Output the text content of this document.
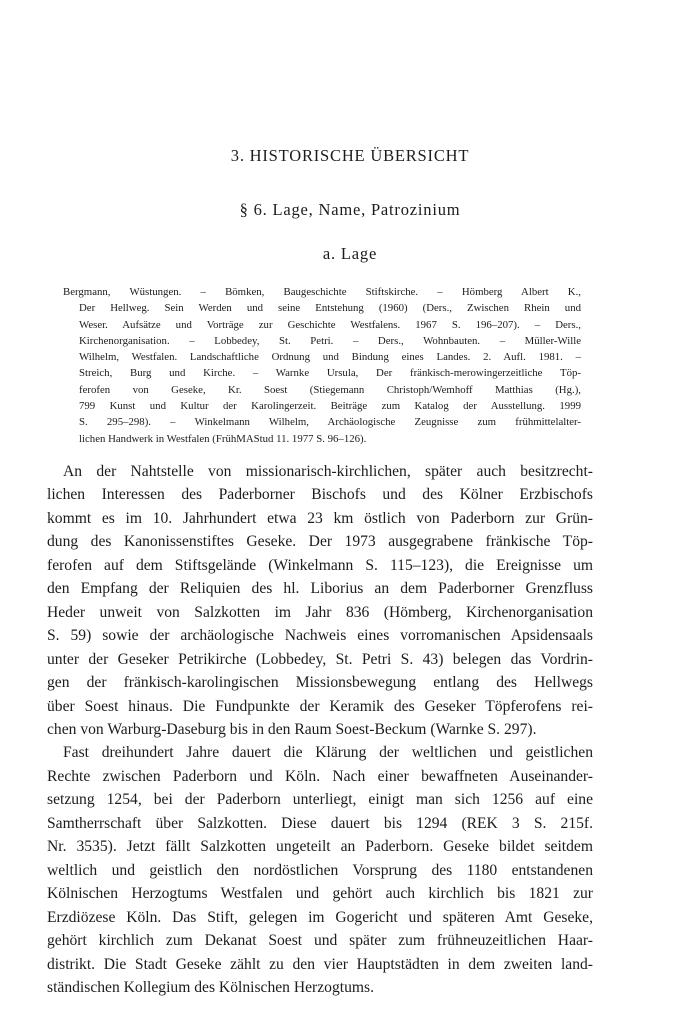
3. HISTORISCHE ÜBERSICHT
§ 6. Lage, Name, Patrozinium
a. Lage
Bergmann, Wüstungen. – Bömken, Baugeschichte Stiftskirche. – Hömberg Albert K.,
Der Hellweg. Sein Werden und seine Entstehung (1960) (Ders., Zwischen Rhein und
Weser. Aufsätze und Vorträge zur Geschichte Westfalens. 1967 S. 196–207). – Ders.,
Kirchenorganisation. – Lobbedey, St. Petri. – Ders., Wohnbauten. – Müller-Wille
Wilhelm, Westfalen. Landschaftliche Ordnung und Bindung eines Landes. 2. Aufl. 1981. –
Streich, Burg und Kirche. – Warnke Ursula, Der fränkisch-merowingerzeitliche Töp-
ferofen von Geseke, Kr. Soest (Stiegemann Christoph/Wemhoff Matthias (Hg.),
799 Kunst und Kultur der Karolingerzeit. Beiträge zum Katalog der Ausstellung. 1999
S. 295–298). – Winkelmann Wilhelm, Archäologische Zeugnisse zum frühmittelalter-
lichen Handwerk in Westfalen (FrühMAStud 11. 1977 S. 96–126).
An der Nahtstelle von missionarisch-kirchlichen, später auch besitzrecht-
lichen Interessen des Paderborner Bischofs und des Kölner Erzbischofs
kommt es im 10. Jahrhundert etwa 23 km östlich von Paderborn zur Grün-
dung des Kanonissenstiftes Geseke. Der 1973 ausgegrabene fränkische Töp-
ferofen auf dem Stiftsgelände (Winkelmann S. 115–123), die Ereignisse um
den Empfang der Reliquien des hl. Liborius an dem Paderborner Grenzfluss
Heder unweit von Salzkotten im Jahr 836 (Hömberg, Kirchenorganisation
S. 59) sowie der archäologische Nachweis eines vorromanischen Apsidensaals
unter der Geseker Petrikirche (Lobbedey, St. Petri S. 43) belegen das Vordrin-
gen der fränkisch-karolingischen Missionsbewegung entlang des Hellwegs
über Soest hinaus. Die Fundpunkte der Keramik des Geseker Töpferofens rei-
chen von Warburg-Daseburg bis in den Raum Soest-Beckum (Warnke S. 297).
Fast dreihundert Jahre dauert die Klärung der weltlichen und geistlichen
Rechte zwischen Paderborn und Köln. Nach einer bewaffneten Auseinander-
setzung 1254, bei der Paderborn unterliegt, einigt man sich 1256 auf eine
Samtherrschaft über Salzkotten. Diese dauert bis 1294 (REK 3 S. 215f.
Nr. 3535). Jetzt fällt Salzkotten ungeteilt an Paderborn. Geseke bildet seitdem
weltlich und geistlich den nordöstlichen Vorsprung des 1180 entstandenen
Kölnischen Herzogtums Westfalen und gehört auch kirchlich bis 1821 zur
Erzdiözese Köln. Das Stift, gelegen im Gogericht und späteren Amt Geseke,
gehört kirchlich zum Dekanat Soest und später zum frühneuzeitlichen Haar-
distrikt. Die Stadt Geseke zählt zu den vier Hauptstädten in dem zweiten land-
ständischen Kollegium des Kölnischen Herzogtums.
